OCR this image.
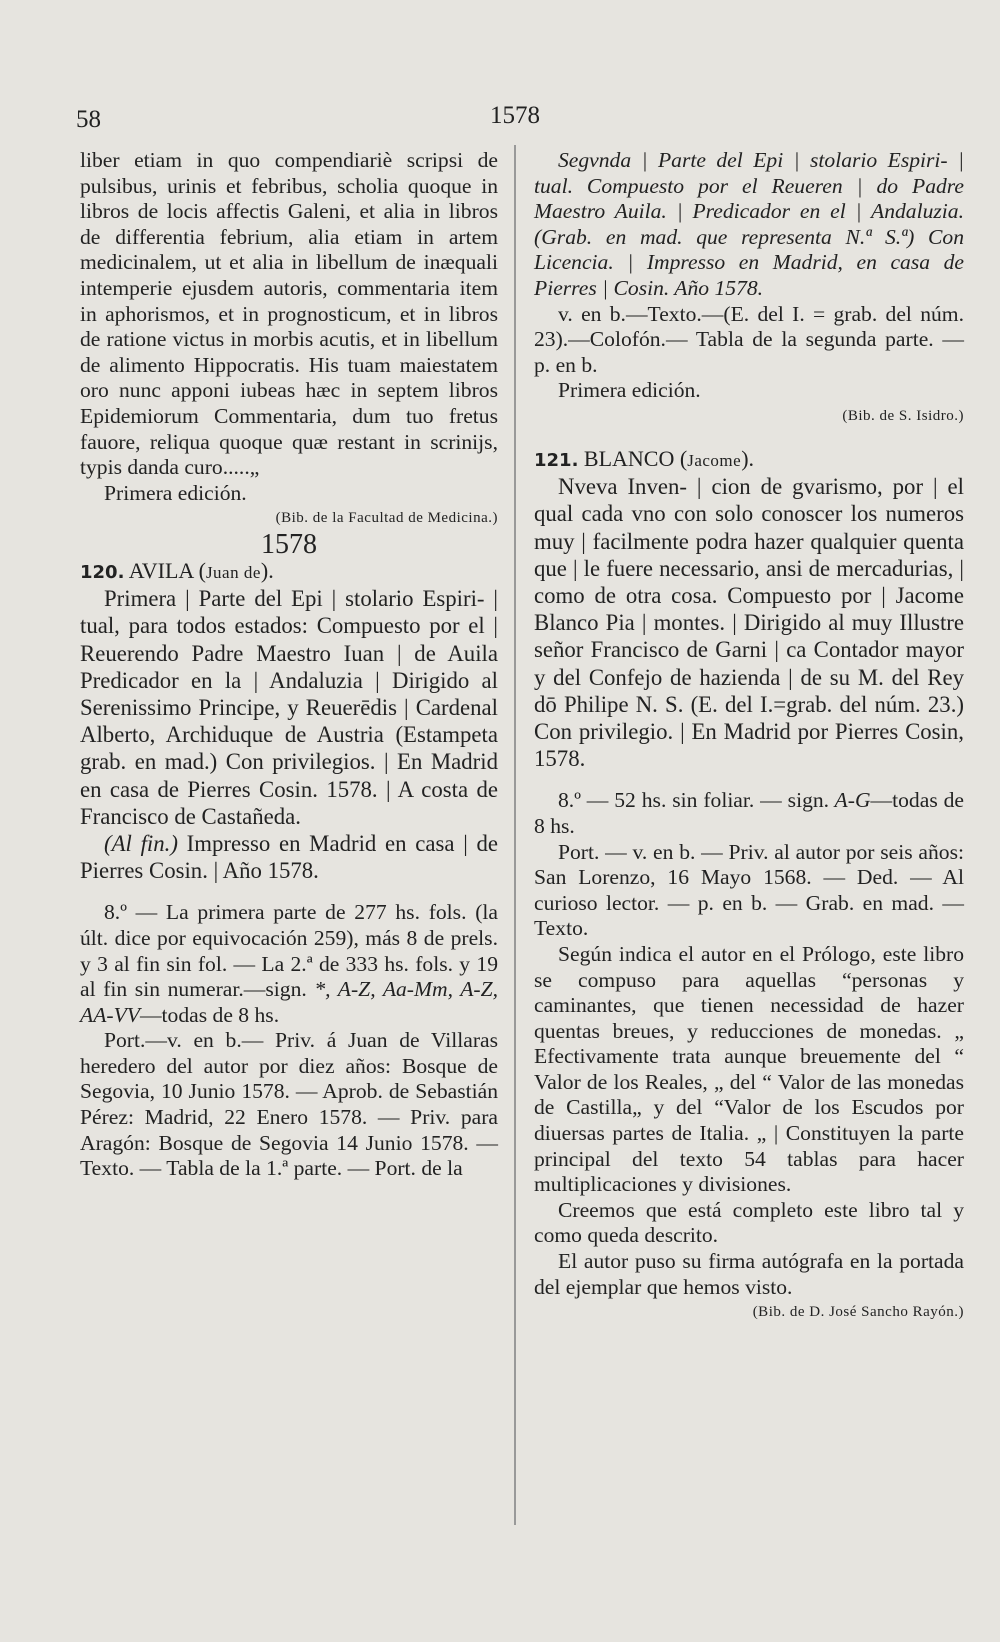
58	1578

liber etiam in quo compendiariè scripsi de pulsibus, urinis et febribus, scholia quoque in libros de locis affectis Galeni, et alia in libros de differentia febrium, alia etiam in artem medicinalem, ut et alia in libellum de inæquali intemperie ejusdem autoris, commentaria item in aphorismos, et in prognosticum, et in libros de ratione victus in morbis acutis, et in libellum de alimento Hippocratis. His tuam maiestatem oro nunc apponi iubeas hæc in septem libros Epidemiorum Commentaria, dum tuo fretus fauore, reliqua quoque quæ restant in scrinijs, typis danda curo.....„

Primera edición.

(Bib. de la Facultad de Medicina.)

1578

120. AVILA (Juan de).

Primera | Parte del Epi | stolario Espiri- | tual, para todos estados: Compuesto por el | Reuerendo Padre Maestro Iuan | de Auila Predicador en la | Andaluzia | Dirigido al Serenissimo Principe, y Reuerēdis | Cardenal Alberto, Archiduque de Austria (Estampeta grab. en mad.) Con privilegios. | En Madrid en casa de Pierres Cosin. 1578. | A costa de Francisco de Castañeda.

(Al fin.) Impresso en Madrid en casa | de Pierres Cosin. | Año 1578.

8.º — La primera parte de 277 hs. fols. (la últ. dice por equivocación 259), más 8 de prels. y 3 al fin sin fol. — La 2.ª de 333 hs. fols. y 19 al fin sin numerar.—sign. *, A-Z, Aa-Mm, A-Z, AA-VV—todas de 8 hs.

Port.—v. en b.— Priv. á Juan de Villaras heredero del autor por diez años: Bosque de Segovia, 10 Junio 1578. — Aprob. de Sebastián Pérez: Madrid, 22 Enero 1578. — Priv. para Aragón: Bosque de Segovia 14 Junio 1578. — Texto. — Tabla de la 1.ª parte. — Port. de la

Segvnda | Parte del Epi | stolario Espiri- | tual. Compuesto por el Reueren | do Padre Maestro Auila. | Predicador en el | Andaluzia. (Grab. en mad. que representa N.ª S.ª) Con Licencia. | Impresso en Madrid, en casa de Pierres | Cosin. Año 1578.

v. en b.—Texto.—(E. del I. = grab. del núm. 23).—Colofón.— Tabla de la segunda parte. — p. en b.

Primera edición.

(Bib. de S. Isidro.)

121. BLANCO (Jacome).

Nveva Inven- | cion de gvarismo, por | el qual cada vno con solo conoscer los numeros muy | facilmente podra hazer qualquier quenta que | le fuere necessario, ansi de mercadurias, | como de otra cosa. Compuesto por | Jacome Blanco Pia | montes. | Dirigido al muy Illustre señor Francisco de Garni | ca Contador mayor y del Confejo de hazienda | de su M. del Rey dō Philipe N. S. (E. del I.=grab. del núm. 23.) Con privilegio. | En Madrid por Pierres Cosin, 1578.

8.º — 52 hs. sin foliar. — sign. A-G—todas de 8 hs.

Port. — v. en b. — Priv. al autor por seis años: San Lorenzo, 16 Mayo 1568. — Ded. — Al curioso lector. — p. en b. — Grab. en mad. — Texto.

Según indica el autor en el Prólogo, este libro se compuso para aquellas “personas y caminantes, que tienen necessidad de hazer quentas breues, y reducciones de monedas. „ Efectivamente trata aunque breuemente del “ Valor de los Reales, „ del “ Valor de las monedas de Castilla„ y del “Valor de los Escudos por diuersas partes de Italia. „ | Constituyen la parte principal del texto 54 tablas para hacer multiplicaciones y divisiones.

Creemos que está completo este libro tal y como queda descrito.

El autor puso su firma autógrafa en la portada del ejemplar que hemos visto.

(Bib. de D. José Sancho Rayón.)
